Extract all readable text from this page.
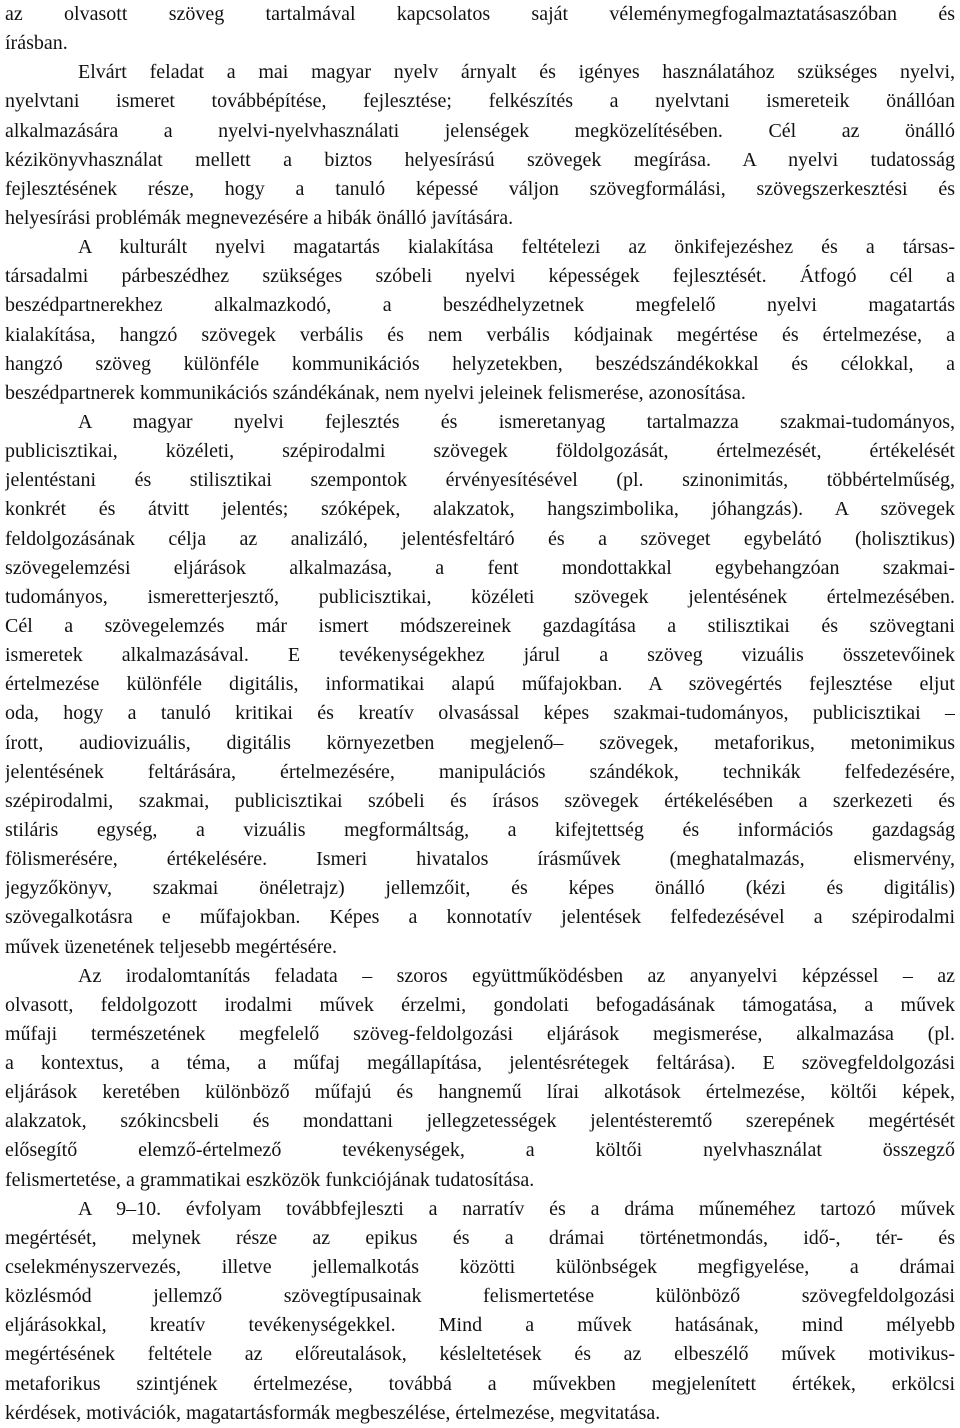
az olvasott szöveg tartalmával kapcsolatos saját véleménymegfogalmaztatásaszóban és
írásban.
Elvárt feladat a mai magyar nyelv árnyalt és igényes használatához szükséges nyelvi,
nyelvtani ismeret továbbépítése, fejlesztése; felkészítés a nyelvtani ismereteik önállóan
alkalmazására a nyelvi-nyelvhasználati jelenségek megközelítésében. Cél az önálló
kézikönyvhasználat mellett a biztos helyesírású szövegek megírása. A nyelvi tudatosság
fejlesztésének része, hogy a tanuló képessé váljon szövegformálási, szövegszerkesztési és
helyesírási problémák megnevezésére a hibák önálló javítására.
A kulturált nyelvi magatartás kialakítása feltételezi az önkifejezéshez és a társas-
társadalmi párbeszédhez szükséges szóbeli nyelvi képességek fejlesztését. Átfogó cél a
beszédpartnerekhez alkalmazkodó, a beszédhelyzetnek megfelelő nyelvi magatartás
kialakítása, hangzó szövegek verbális és nem verbális kódjainak megértése és értelmezése, a
hangzó szöveg különféle kommunikációs helyzetekben, beszédszándékokkal és célokkal, a
beszédpartnerek kommunikációs szándékának, nem nyelvi jeleinek felismerése, azonosítása.
A magyar nyelvi fejlesztés és ismeretanyag tartalmazza szakmai-tudományos,
publicisztikai, közéleti, szépirodalmi szövegek földolgozását, értelmezését, értékelését
jelentéstani és stilisztikai szempontok érvényesítésével (pl. szinonimitás, többértelműség,
konkrét és átvitt jelentés; szóképek, alakzatok, hangszimbolika, jóhangzás). A szövegek
feldolgozásának célja az analizáló, jelentésfeltáró és a szöveget egybelátó (holisztikus)
szövegelemzési eljárások alkalmazása, a fent mondottakkal egybehangzóan szakmai-
tudományos, ismeretterjesztő, publicisztikai, közéleti szövegek jelentésének értelmezésében.
Cél a szövegelemzés már ismert módszereinek gazdagítása a stilisztikai és szövegtani
ismeretek alkalmazásával. E tevékenységekhez járul a szöveg vizuális összetevőinek
értelmezése különféle digitális, informatikai alapú műfajokban. A szövegértés fejlesztése eljut
oda, hogy a tanuló kritikai és kreatív olvasással képes szakmai-tudományos, publicisztikai –
írott, audiovizuális, digitális környezetben megjelenő– szövegek, metaforikus, metonimikus
jelentésének feltárására, értelmezésére, manipulációs szándékok, technikák felfedezésére,
szépirodalmi, szakmai, publicisztikai szóbeli és írásos szövegek értékelésében a szerkezeti és
stiláris egység, a vizuális megformáltság, a kifejtettség és információs gazdagság
fölismerésére, értékelésére. Ismeri hivatalos írásművek (meghatalmazás, elismervény,
jegyzőkönyv, szakmai önéletrajz) jellemzőit, és képes önálló (kézi és digitális)
szövegalkotásra e műfajokban. Képes a konnotatív jelentések felfedezésével a szépirodalmi
művek üzenetének teljesebb megértésére.
Az irodalomtanítás feladata – szoros együttműködésben az anyanyelvi képzéssel – az
olvasott, feldolgozott irodalmi művek érzelmi, gondolati befogadásának támogatása, a művek
műfaji természetének megfelelő szöveg-feldolgozási eljárások megismerése, alkalmazása (pl.
a kontextus, a téma, a műfaj megállapítása, jelentésrétegek feltárása). E szövegfeldolgozási
eljárások keretében különböző műfajú és hangnemű lírai alkotások értelmezése, költői képek,
alakzatok, szókincsbeli és mondattani jellegzetességek jelentésteremtő szerepének megértését
elősegítő elemző-értelmező tevékenységek, a költői nyelvhasználat összegző
felismertetése, a grammatikai eszközök funkciójának tudatosítása.
A 9–10. évfolyam továbbfejleszti a narratív és a dráma műneméhez tartozó művek
megértését, melynek része az epikus és a drámai történetmondás, idő-, tér- és
cselekményszervezés, illetve jellemalkotás közötti különbségek megfigyelése, a drámai
közlésmód jellemző szövegtípusainak felismertetése különböző szövegfeldolgozási
eljárásokkal, kreatív tevékenységekkel. Mind a művek hatásának, mind mélyebb
megértésének feltétele az előreutalások, késleltetések és az elbeszélő művek motivikus-
metaforikus szintjének értelmezése, továbbá a művekben megjelenített értékek, erkölcsi
kérdések, motivációk, magatartásformák megbeszélése, értelmezése, megvitatása.
